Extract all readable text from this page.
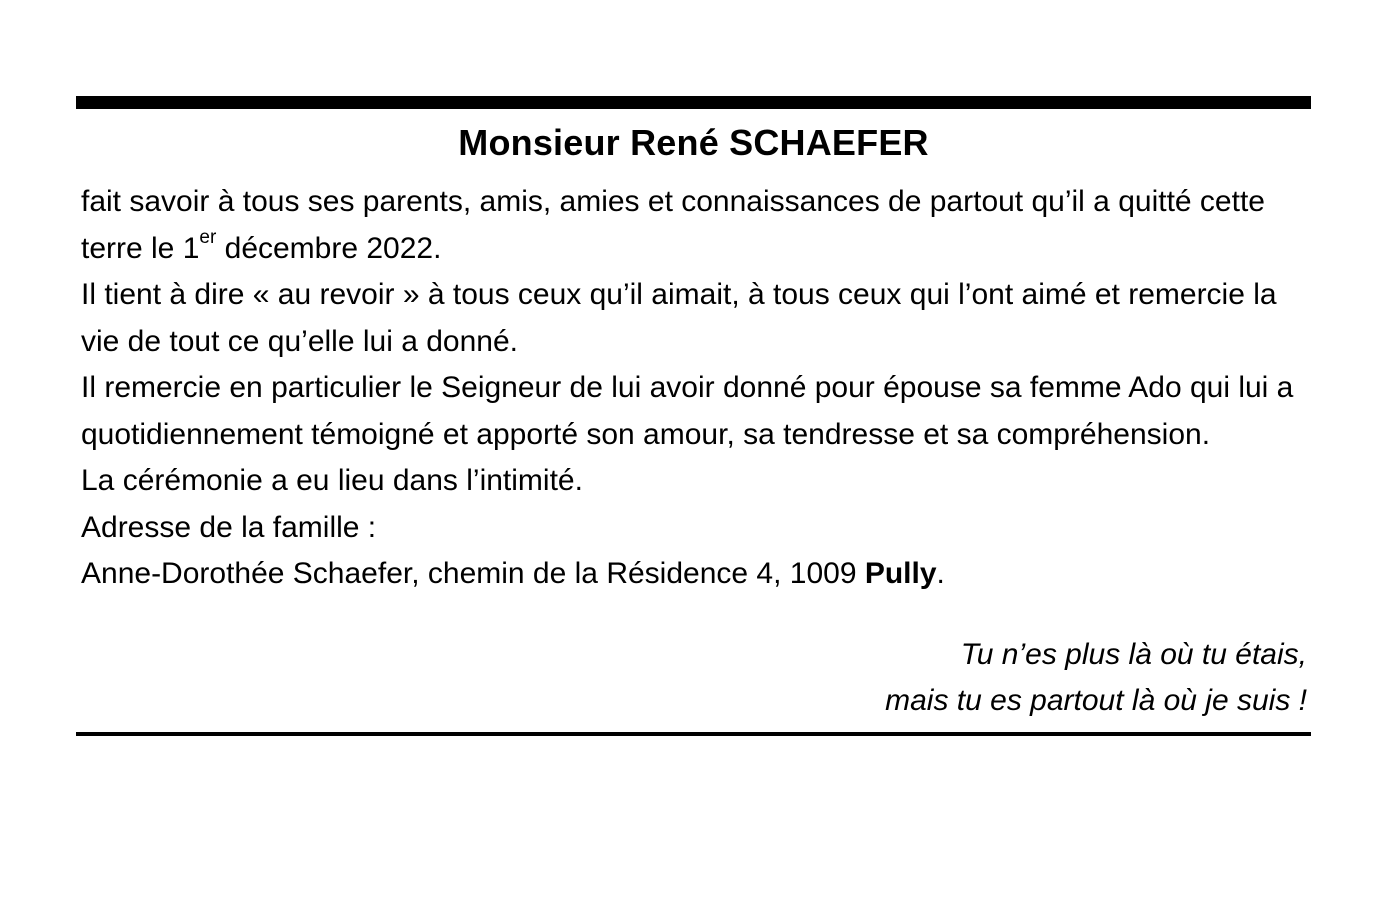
Monsieur René SCHAEFER

fait savoir à tous ses parents, amis, amies et connaissances de partout qu’il a quitté cette terre le 1er décembre 2022.

Il tient à dire « au revoir » à tous ceux qu’il aimait, à tous ceux qui l’ont aimé et remercie la vie de tout ce qu’elle lui a donné.

Il remercie en particulier le Seigneur de lui avoir donné pour épouse sa femme Ado qui lui a quotidiennement témoigné et apporté son amour, sa tendresse et sa compréhension.

La cérémonie a eu lieu dans l’intimité.

Adresse de la famille :

Anne-Dorothée Schaefer, chemin de la Résidence 4, 1009 Pully.

Tu n’es plus là où tu étais,

mais tu es partout là où je suis !
